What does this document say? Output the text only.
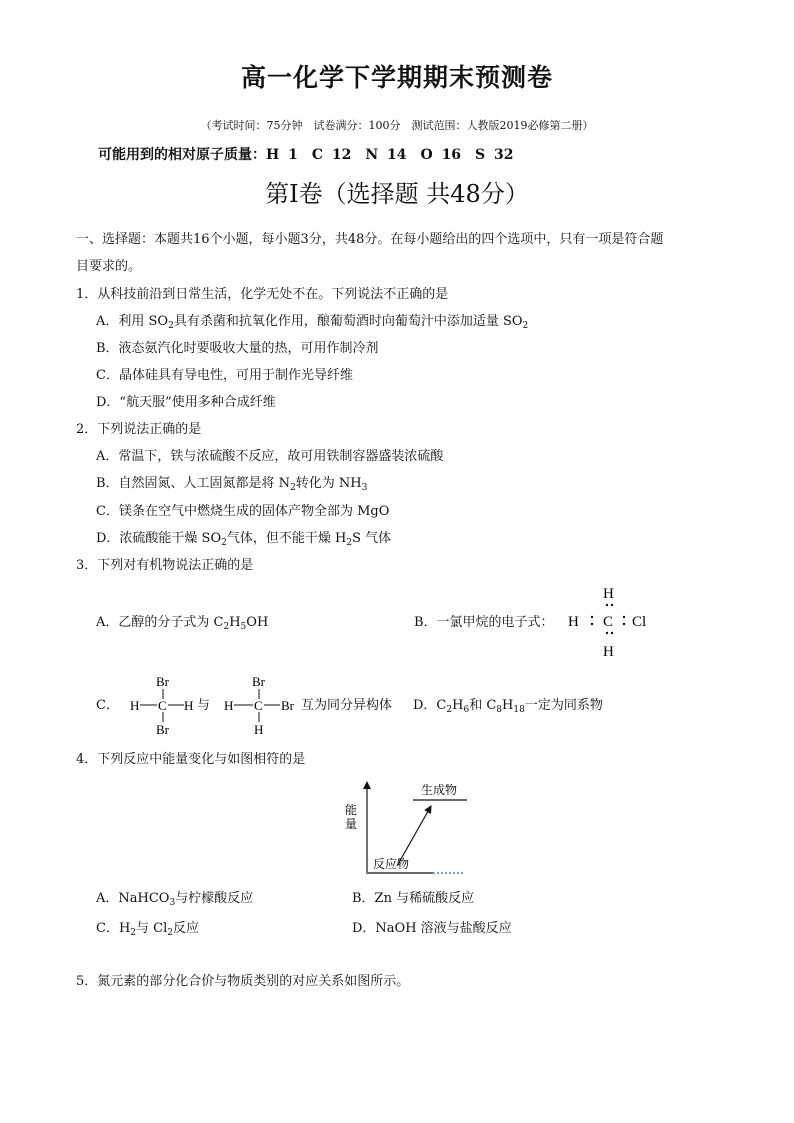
高一化学下学期期末预测卷
（考试时间：75分钟　试卷满分：100分　测试范围：人教版2019必修第二册）
可能用到的相对原子质量：H 1　C 12　N 14　O 16　S 32
第Ⅰ卷（选择题 共48分）
一、选择题：本题共16个小题，每小题3分，共48分。在每小题给出的四个选项中，只有一项是符合题
目要求的。
1．从科技前沿到日常生活，化学无处不在。下列说法不正确的是
A．利用 $SO_2$具有杀菌和抗氧化作用，酿葡萄酒时向葡萄汁中添加适量 $SO_2$
B．液态氨汽化时要吸收大量的热，可用作制冷剂
C．晶体硅具有导电性，可用于制作光导纤维
D．“航天服”使用多种合成纤维
2．下列说法正确的是
A．常温下，铁与浓硫酸不反应，故可用铁制容器盛装浓硫酸
B．自然固氮、人工固氮都是将 $N_2$转化为 $NH_3$
C．镁条在空气中燃烧生成的固体产物全部为 MgO
D．浓硫酸能干燥 $SO_2$气体，但不能干燥 $H_2S$ 气体
3．下列对有机物说法正确的是
A．乙醇的分子式为 $C_2H_5OH$	B．一氯甲烷的电子式：
H
H C Cl
H
C．
Br
H C H
Br
与
Br
H C Br
H
互为同分异构体 D．$C_2H_6$和 $C_8H_{18}$一定为同系物
4．下列反应中能量变化与如图相符的是
能
量
生成物
反应物
A．NaHCO$_3$与柠檬酸反应	B．Zn 与稀硫酸反应
C．$H_2$与 $Cl_2$反应	D．NaOH 溶液与盐酸反应
5．氮元素的部分化合价与物质类别的对应关系如图所示。
